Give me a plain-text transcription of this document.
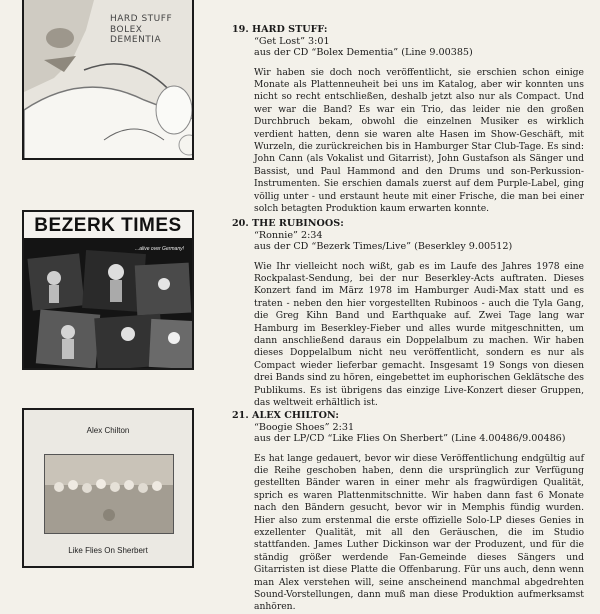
HARD STUFF
BOLEX DEMENTIA
19. HARD STUFF:
“Get Lost” 3:01
aus der CD “Bolex Dementia” (Line 9.00385)
Wir haben sie doch noch veröffentlicht, sie erschien schon einige Monate als Plattenneuheit bei uns im Katalog, aber wir konnten uns nicht so recht entschließen, deshalb jetzt also nur als Compact. Und wer war die Band? Es war ein Trio, das leider nie den großen Durchbruch bekam, obwohl die einzelnen Musiker es wirklich verdient hatten, denn sie waren alte Hasen im Show-Geschäft, mit Wurzeln, die zurückreichen bis in Hamburger Star Club-Tage. Es sind: John Cann (als Vokalist und Gitarrist), John Gustafson als Sänger und Bassist, und Paul Hammond and den Drums und son-Perkussion-Instrumenten. Sie erschien damals zuerst auf dem Purple-Label, ging völlig unter - und erstaunt heute mit einer Frische, die man bei einer solch betagten Produktion kaum erwarten konnte.
BEZERK TIMES
...alive over Germany!
20. THE RUBINOOS:
“Ronnie” 2:34
aus der CD “Bezerk Times/Live” (Beserkley 9.00512)
Wie Ihr vielleicht noch wißt, gab es im Laufe des Jahres 1978 eine Rockpalast-Sendung, bei der nur Beserkley-Acts auftraten. Dieses Konzert fand im März 1978 im Hamburger Audi-Max statt und es traten - neben den hier vorgestellten Rubinoos - auch die Tyla Gang, die Greg Kihn Band und Earthquake auf. Zwei Tage lang war Hamburg im Beserkley-Fieber und alles wurde mitgeschnitten, um dann anschließend daraus ein Doppelalbum zu machen. Wir haben dieses Doppelalbum nicht neu veröffentlicht, sondern es nur als Compact wieder lieferbar gemacht. Insgesamt 19 Songs von diesen drei Bands sind zu hören, eingebettet im euphorischen Geklätsche des Publikums. Es ist übrigens das einzige Live-Konzert dieser Gruppen, das weltweit erhältlich ist.
Alex Chilton
Like Flies On Sherbert
21. ALEX CHILTON:
“Boogie Shoes” 2:31
aus der LP/CD “Like Flies On Sherbert” (Line 4.00486/9.00486)
Es hat lange gedauert, bevor wir diese Veröffentlichung endgültig auf die Reihe geschoben haben, denn die ursprünglich zur Verfügung gestellten Bänder waren in einer mehr als fragwürdigen Qualität, sprich es waren Plattenmitschnitte. Wir haben dann fast 6 Monate nach den Bändern gesucht, bevor wir in Memphis fündig wurden. Hier also zum erstenmal die erste offizielle Solo-LP dieses Genies in exzellenter Qualität, mit all den Geräuschen, die im Studio stattfanden. James Luther Dickinson war der Produzent, und für die ständig größer werdende Fan-Gemeinde dieses Sängers und Gitarristen ist diese Platte die Offenbarung. Für uns auch, denn wenn man Alex verstehen will, seine anscheinend manchmal abgedrehten Sound-Vorstellungen, dann muß man diese Produktion aufmerksamst anhören.
